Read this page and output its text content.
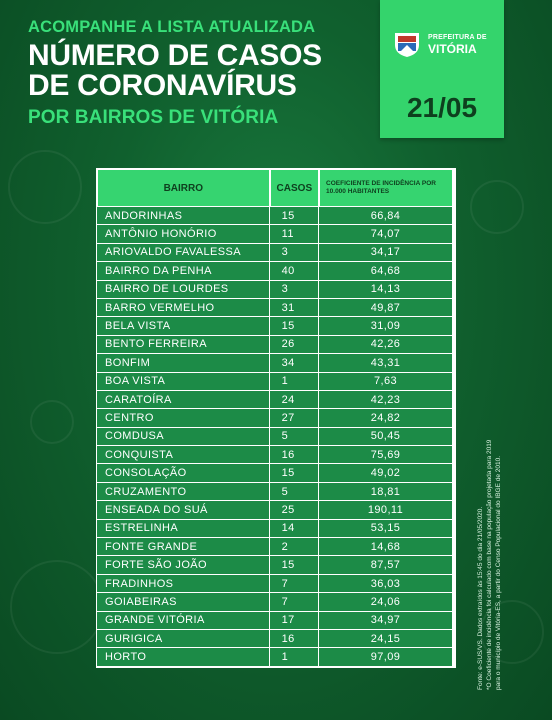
ACOMPANHE A LISTA ATUALIZADA

NÚMERO DE CASOS
DE CORONAVÍRUS

POR BAIRROS DE VITÓRIA

PREFEITURA DE
VITÓRIA
21/05
BAIRRO	CASOS	COEFICIENTE DE INCIDÊNCIA POR 10.000 HABITANTES
ANDORINHAS	15	66,84
ANTÔNIO HONÓRIO	11	74,07
ARIOVALDO FAVALESSA	3	34,17
BAIRRO DA PENHA	40	64,68
BAIRRO DE LOURDES	3	14,13
BARRO VERMELHO	31	49,87
BELA VISTA	15	31,09
BENTO FERREIRA	26	42,26
BONFIM	34	43,31
BOA VISTA	1	7,63
CARATOÍRA	24	42,23
CENTRO	27	24,82
COMDUSA	5	50,45
CONQUISTA	16	75,69
CONSOLAÇÃO	15	49,02
CRUZAMENTO	5	18,81
ENSEADA DO SUÁ	25	190,11
ESTRELINHA	14	53,15
FONTE GRANDE	2	14,68
FORTE SÃO JOÃO	15	87,57
FRADINHOS	7	36,03
GOIABEIRAS	7	24,06
GRANDE VITÓRIA	17	34,97
GURIGICA	16	24,15
HORTO	1	97,09	Fonte: e-SUS/VS. Dados extraídos às 15:45 do dia 21/05/2020. *O Coeficiente de incidência foi calculado com base na população projetada para 2019 para o município de Vitória-ES, a partir do Censo Populacional do IBGE de 2010.
